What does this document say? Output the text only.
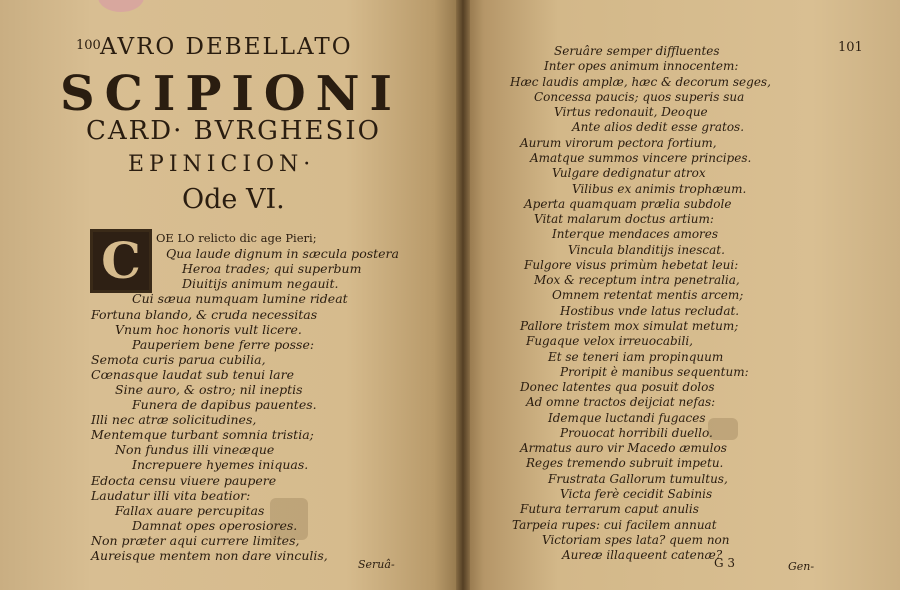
100 AVRO DEBELLATO
SCIPIONI
CARD· BVRGHESIO
EPINICION·
Ode VI.
C	OE LO relicto dic age Pieri;
Qua laude dignum in sæcula postera
Heroa trades; qui superbum
Diuitijs animum negauit.
Cui sæua numquam lumine rideat
Fortuna blando, & cruda necessitas
Vnum hoc honoris vult licere.
Pauperiem bene ferre posse:
Semota curis parua cubilia,
Cœnasque laudat sub tenui lare
Sine auro, & ostro; nil ineptis
Funera de dapibus pauentes.
Illi nec atræ solicitudines,
Mentemque turbant somnia tristia;
Non fundus illi vineæque
Increpuere hyemes iniquas.
Edocta censu viuere paupere
Laudatur illi vita beatior:
Fallax auare percupitas
Damnat opes operosiores.
Non præter aqui currere limites,
Aureisque mentem non dare vinculis,
Seruâ-
101
Seruâre semper diffluentes
Inter opes animum innocentem:
Hæc laudis amplæ, hæc & decorum seges,
Concessa paucis; quos superis sua
Virtus redonauit, Deoque
Ante alios dedit esse gratos.
Aurum virorum pectora fortium,
Amatque summos vincere principes.
Vulgare dedignatur atrox
Vilibus ex animis trophæum.
Aperta quamquam prælia subdole
Vitat malarum doctus artium:
Interque mendaces amores
Vincula blanditijs inescat.
Fulgore visus primùm hebetat leui:
Mox & receptum intra penetralia,
Omnem retentat mentis arcem;
Hostibus vnde latus recludat.
Pallore tristem mox simulat metum;
Fugaque velox irreuocabili,
Et se teneri iam propinquum
Proripit è manibus sequentum:
Donec latentes qua posuit dolos
Ad omne tractos deijciat nefas:
Idemque luctandi fugaces
Prouocat horribili duello.
Armatus auro vir Macedo æmulos
Reges tremendo subruit impetu.
Frustrata Gallorum tumultus,
Victa ferè cecidit Sabinis
Futura terrarum caput anulis
Tarpeia rupes: cui facilem annuat
Victoriam spes lata? quem non
Aureæ illaqueent catenæ?
G 3	Gen-
